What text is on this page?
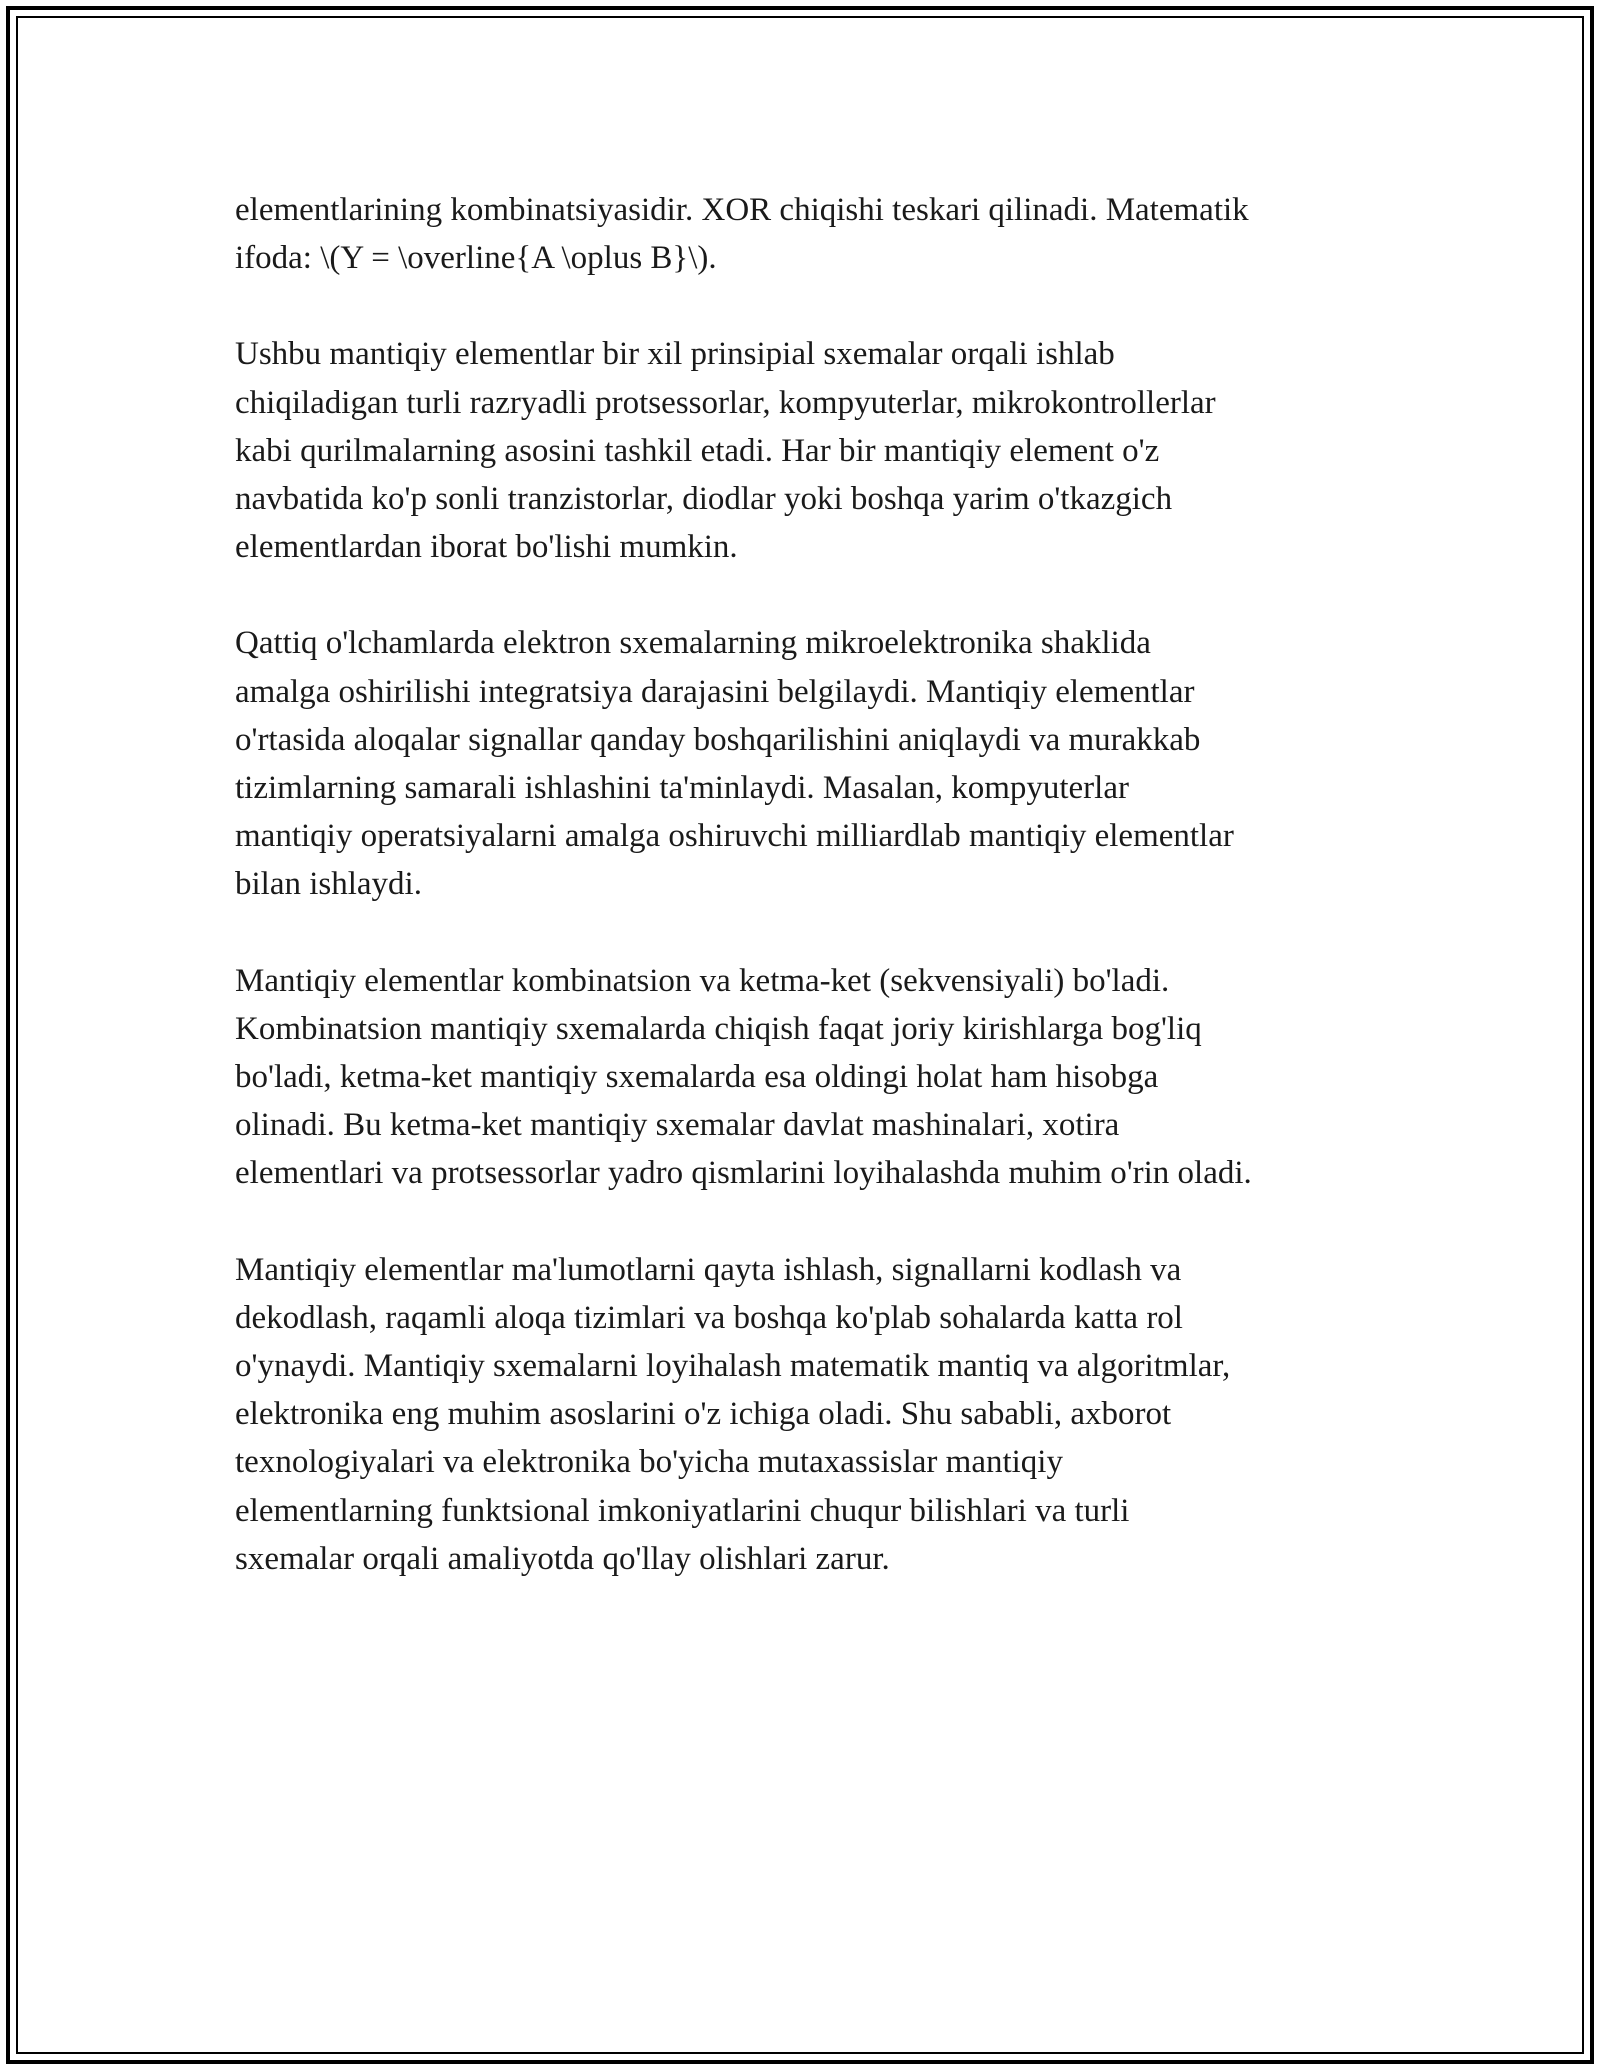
elementlarining kombinatsiyasidir. XOR chiqishi teskari qilinadi. Matematik
ifoda: \(Y = \overline{A \oplus B}\).

Ushbu mantiqiy elementlar bir xil prinsipial sxemalar orqali ishlab
chiqiladigan turli razryadli protsessorlar, kompyuterlar, mikrokontrollerlar
kabi qurilmalarning asosini tashkil etadi. Har bir mantiqiy element o'z
navbatida ko'p sonli tranzistorlar, diodlar yoki boshqa yarim o'tkazgich
elementlardan iborat bo'lishi mumkin.

Qattiq o'lchamlarda elektron sxemalarning mikroelektronika shaklida
amalga oshirilishi integratsiya darajasini belgilaydi. Mantiqiy elementlar
o'rtasida aloqalar signallar qanday boshqarilishini aniqlaydi va murakkab
tizimlarning samarali ishlashini ta'minlaydi. Masalan, kompyuterlar
mantiqiy operatsiyalarni amalga oshiruvchi milliardlab mantiqiy elementlar
bilan ishlaydi.

Mantiqiy elementlar kombinatsion va ketma-ket (sekvensiyali) bo'ladi.
Kombinatsion mantiqiy sxemalarda chiqish faqat joriy kirishlarga bog'liq
bo'ladi, ketma-ket mantiqiy sxemalarda esa oldingi holat ham hisobga
olinadi. Bu ketma-ket mantiqiy sxemalar davlat mashinalari, xotira
elementlari va protsessorlar yadro qismlarini loyihalashda muhim o'rin oladi.

Mantiqiy elementlar ma'lumotlarni qayta ishlash, signallarni kodlash va
dekodlash, raqamli aloqa tizimlari va boshqa ko'plab sohalarda katta rol
o'ynaydi. Mantiqiy sxemalarni loyihalash matematik mantiq va algoritmlar,
elektronika eng muhim asoslarini o'z ichiga oladi. Shu sababli, axborot
texnologiyalari va elektronika bo'yicha mutaxassislar mantiqiy
elementlarning funktsional imkoniyatlarini chuqur bilishlari va turli
sxemalar orqali amaliyotda qo'llay olishlari zarur.
